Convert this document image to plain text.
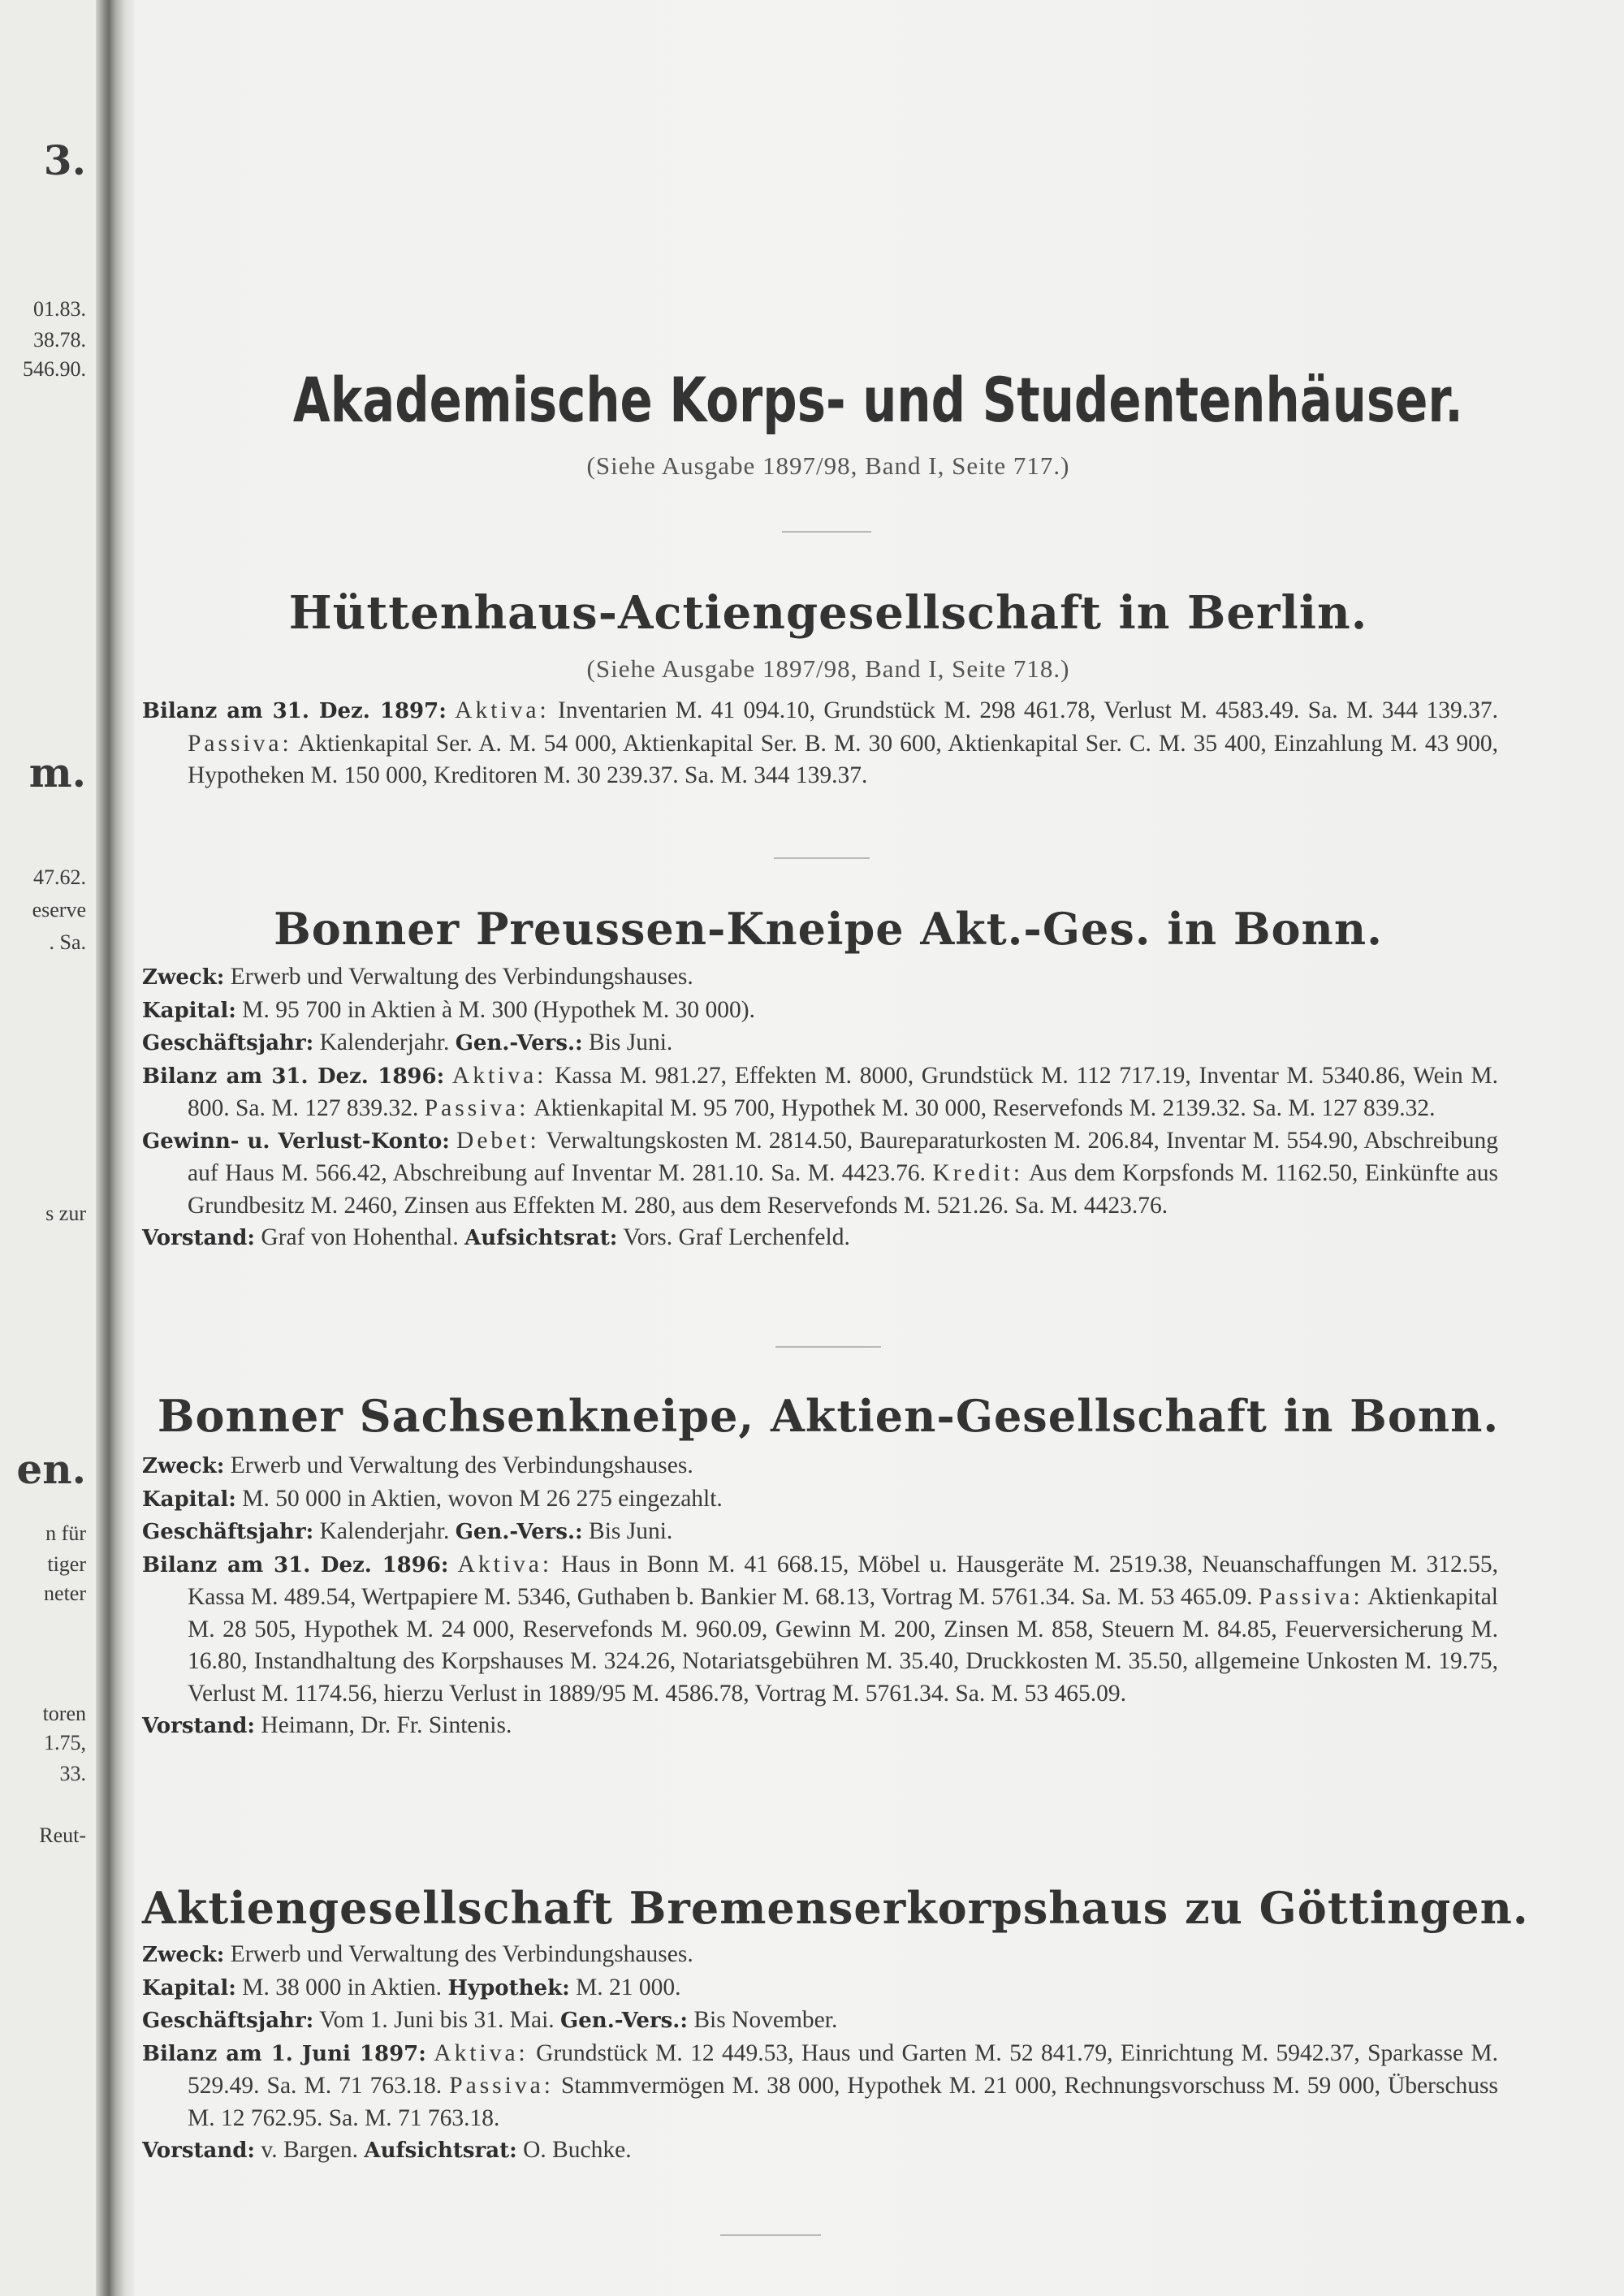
3.
01.83.
38.78.
546.90.
m.
47.62.
eserve
. Sa.
s zur
en.
n für
tiger
neter
toren
1.75,
33.
Reut-
Akademische Korps- und Studentenhäuser.
(Siehe Ausgabe 1897/98, Band I, Seite 717.)
Hüttenhaus-Actiengesellschaft in Berlin.
(Siehe Ausgabe 1897/98, Band I, Seite 718.)
Bilanz am 31. Dez. 1897: Aktiva: Inventarien M. 41 094.10, Grundstück M. 298 461.78, Verlust M. 4583.49. Sa. M. 344 139.37. Passiva: Aktienkapital Ser. A. M. 54 000, Aktienkapital Ser. B. M. 30 600, Aktienkapital Ser. C. M. 35 400, Einzahlung M. 43 900, Hypotheken M. 150 000, Kreditoren M. 30 239.37. Sa. M. 344 139.37.
Bonner Preussen-Kneipe Akt.-Ges. in Bonn.
Zweck: Erwerb und Verwaltung des Verbindungshauses.
Kapital: M. 95 700 in Aktien à M. 300 (Hypothek M. 30 000).
Geschäftsjahr: Kalenderjahr. Gen.-Vers.: Bis Juni.
Bilanz am 31. Dez. 1896: Aktiva: Kassa M. 981.27, Effekten M. 8000, Grundstück M. 112 717.19, Inventar M. 5340.86, Wein M. 800. Sa. M. 127 839.32. Passiva: Aktienkapital M. 95 700, Hypothek M. 30 000, Reservefonds M. 2139.32. Sa. M. 127 839.32.
Gewinn- u. Verlust-Konto: Debet: Verwaltungskosten M. 2814.50, Baureparaturkosten M. 206.84, Inventar M. 554.90, Abschreibung auf Haus M. 566.42, Abschreibung auf Inventar M. 281.10. Sa. M. 4423.76. Kredit: Aus dem Korpsfonds M. 1162.50, Einkünfte aus Grundbesitz M. 2460, Zinsen aus Effekten M. 280, aus dem Reservefonds M. 521.26. Sa. M. 4423.76.
Vorstand: Graf von Hohenthal. Aufsichtsrat: Vors. Graf Lerchenfeld.
Bonner Sachsenkneipe, Aktien-Gesellschaft in Bonn.
Zweck: Erwerb und Verwaltung des Verbindungshauses.
Kapital: M. 50 000 in Aktien, wovon M 26 275 eingezahlt.
Geschäftsjahr: Kalenderjahr. Gen.-Vers.: Bis Juni.
Bilanz am 31. Dez. 1896: Aktiva: Haus in Bonn M. 41 668.15, Möbel u. Hausgeräte M. 2519.38, Neuanschaffungen M. 312.55, Kassa M. 489.54, Wertpapiere M. 5346, Guthaben b. Bankier M. 68.13, Vortrag M. 5761.34. Sa. M. 53 465.09. Passiva: Aktienkapital M. 28 505, Hypothek M. 24 000, Reservefonds M. 960.09, Gewinn M. 200, Zinsen M. 858, Steuern M. 84.85, Feuerversicherung M. 16.80, Instandhaltung des Korpshauses M. 324.26, Notariatsgebühren M. 35.40, Druckkosten M. 35.50, allgemeine Unkosten M. 19.75, Verlust M. 1174.56, hierzu Verlust in 1889/95 M. 4586.78, Vortrag M. 5761.34. Sa. M. 53 465.09.
Vorstand: Heimann, Dr. Fr. Sintenis.
Aktiengesellschaft Bremenserkorpshaus zu Göttingen.
Zweck: Erwerb und Verwaltung des Verbindungshauses.
Kapital: M. 38 000 in Aktien. Hypothek: M. 21 000.
Geschäftsjahr: Vom 1. Juni bis 31. Mai. Gen.-Vers.: Bis November.
Bilanz am 1. Juni 1897: Aktiva: Grundstück M. 12 449.53, Haus und Garten M. 52 841.79, Einrichtung M. 5942.37, Sparkasse M. 529.49. Sa. M. 71 763.18. Passiva: Stammvermögen M. 38 000, Hypothek M. 21 000, Rechnungsvorschuss M. 59 000, Überschuss M. 12 762.95. Sa. M. 71 763.18.
Vorstand: v. Bargen. Aufsichtsrat: O. Buchke.
